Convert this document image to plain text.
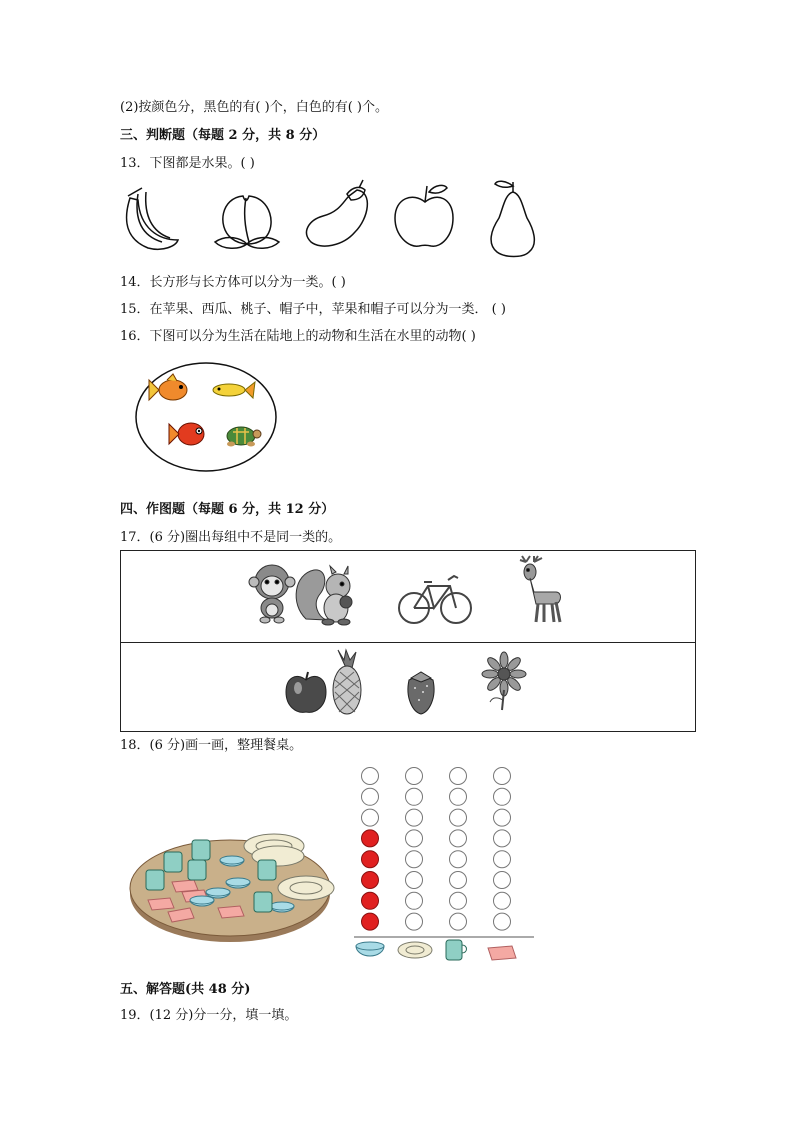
(2)按颜色分，黑色的有( )个，白色的有( )个。
三、判断题（每题 2 分，共 8 分）
13．下图都是水果。( )
14．长方形与长方体可以分为一类。( )
15．在苹果、西瓜、桃子、帽子中，苹果和帽子可以分为一类． ( )
16．下图可以分为生活在陆地上的动物和生活在水里的动物( )
四、作图题（每题 6 分，共 12 分）
17．(6 分)圈出每组中不是同一类的。
18．(6 分)画一画，整理餐桌。
五、解答题(共 48 分)
19．(12 分)分一分，填一填。
